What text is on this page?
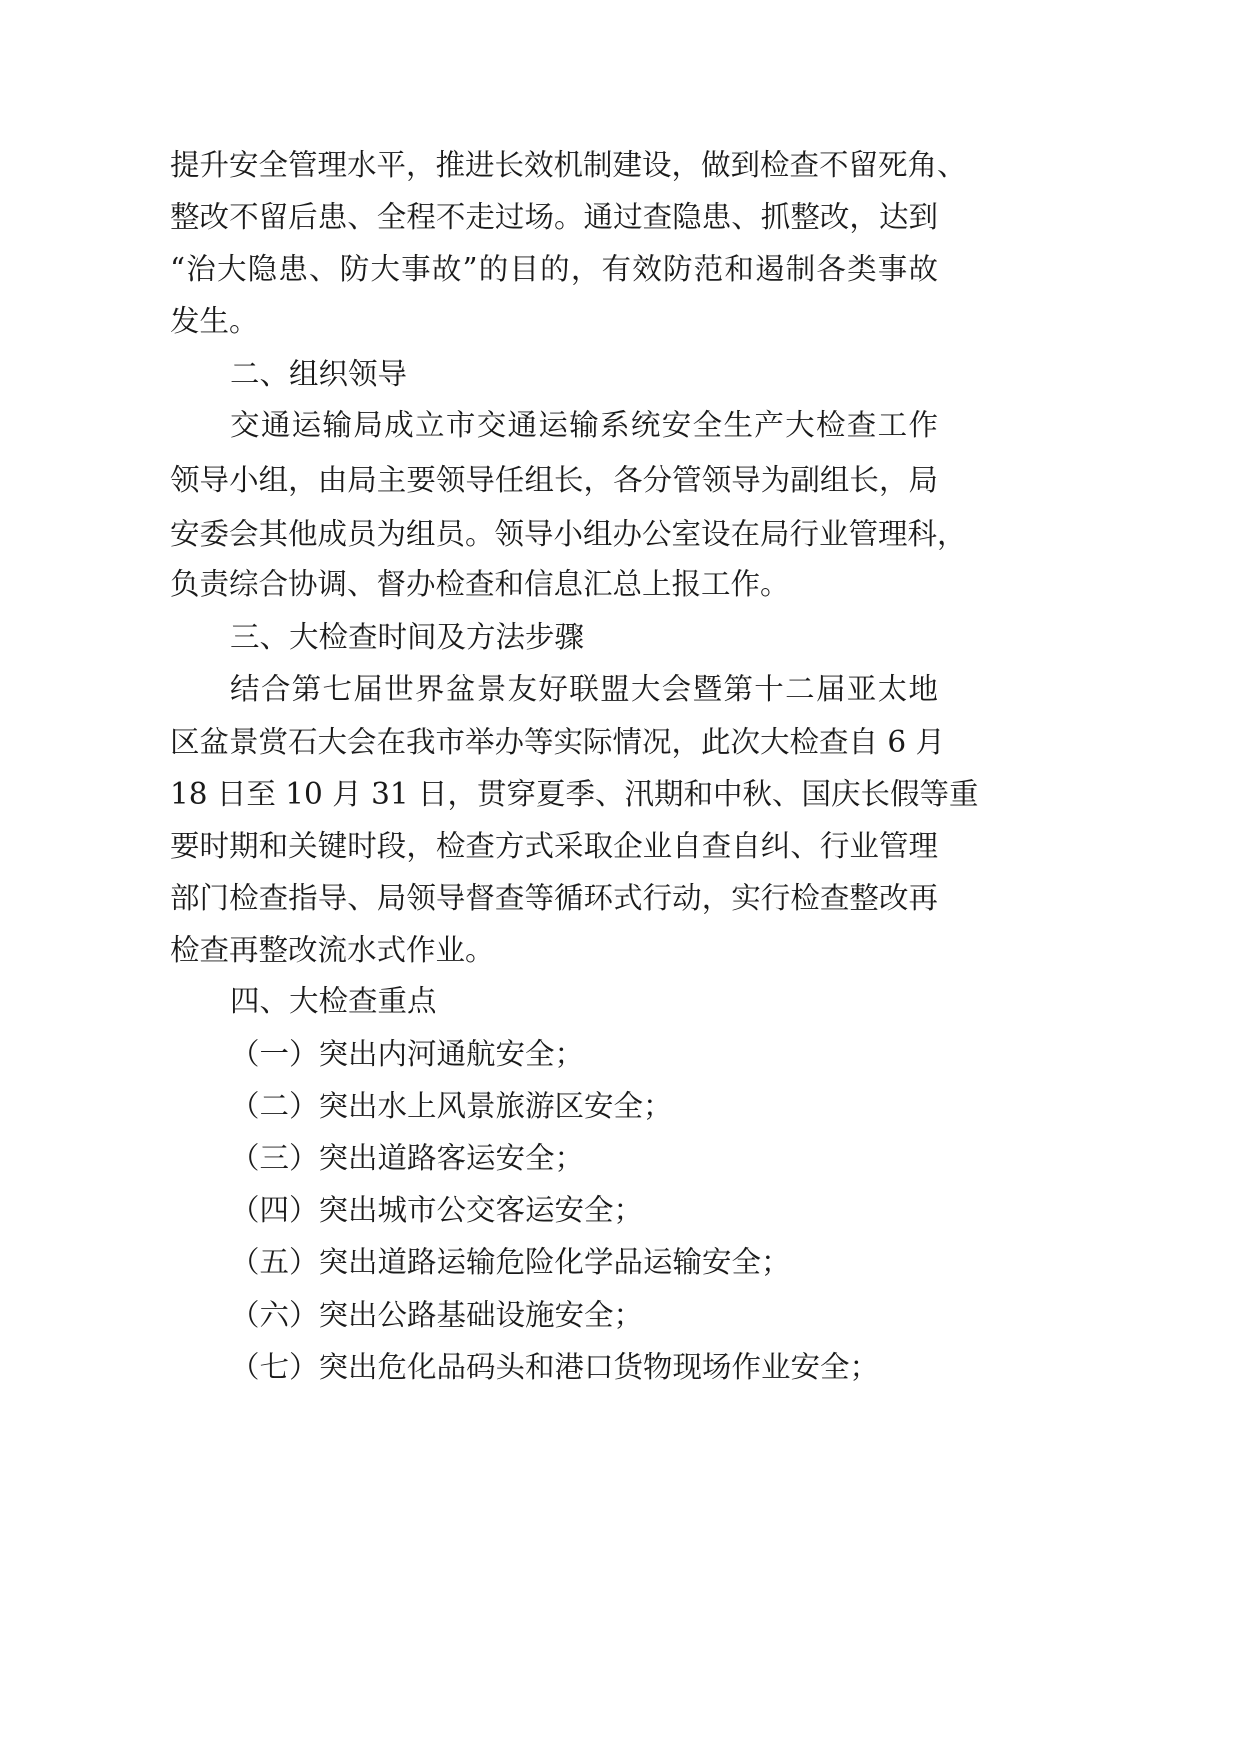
提升安全管理水平，推进长效机制建设，做到检查不留死角、
整改不留后患、全程不走过场。通过查隐患、抓整改，达到
“治大隐患、防大事故”的目的，有效防范和遏制各类事故
发生。
二、组织领导
交通运输局成立市交通运输系统安全生产大检查工作
领导小组，由局主要领导任组长，各分管领导为副组长，局
安委会其他成员为组员。领导小组办公室设在局行业管理科，
负责综合协调、督办检查和信息汇总上报工作。
三、大检查时间及方法步骤
结合第七届世界盆景友好联盟大会暨第十二届亚太地
区盆景赏石大会在我市举办等实际情况，此次大检查自 6 月
18 日至 10 月 31 日，贯穿夏季、汛期和中秋、国庆长假等重
要时期和关键时段，检查方式采取企业自查自纠、行业管理
部门检查指导、局领导督查等循环式行动，实行检查整改再
检查再整改流水式作业。
四、大检查重点
（一）突出内河通航安全；
（二）突出水上风景旅游区安全；
（三）突出道路客运安全；
（四）突出城市公交客运安全；
（五）突出道路运输危险化学品运输安全；
（六）突出公路基础设施安全；
（七）突出危化品码头和港口货物现场作业安全；
